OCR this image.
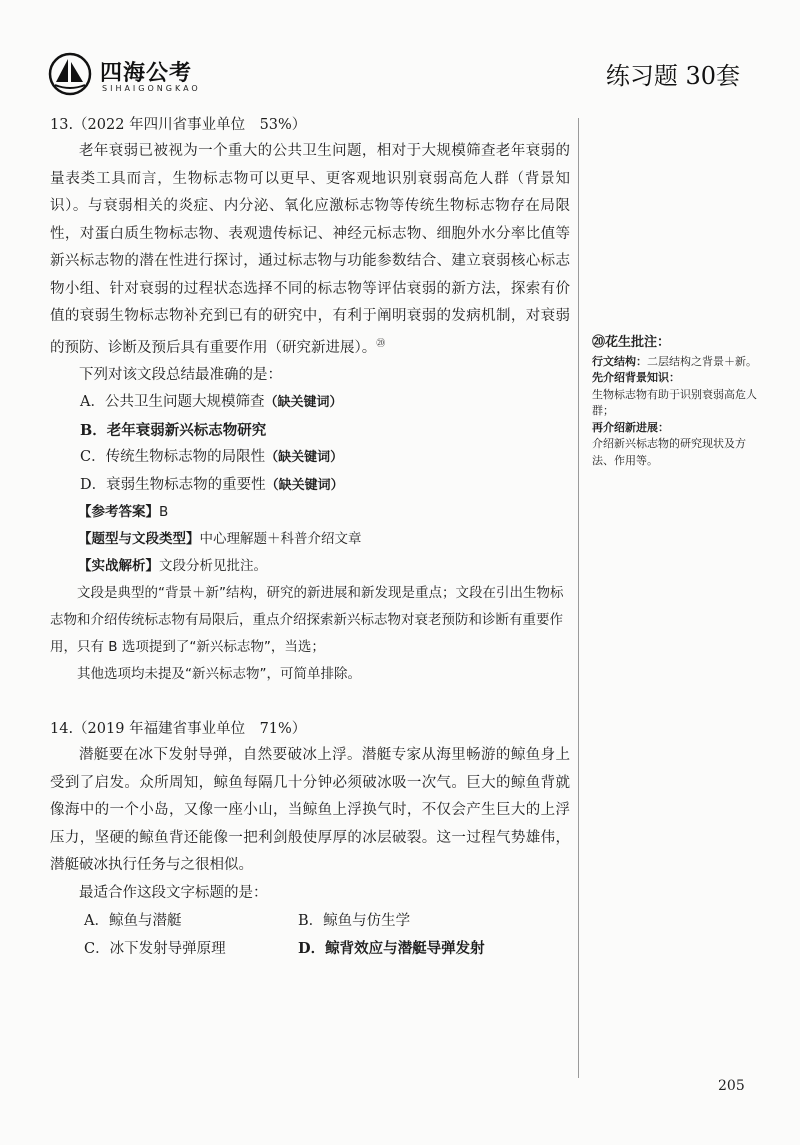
四海公考
SIHAIGONGKAO	练习题 30套

13.（2022 年四川省事业单位　53%）

老年衰弱已被视为一个重大的公共卫生问题，相对于大规模筛查老年衰弱的量表类工具而言，生物标志物可以更早、更客观地识别衰弱高危人群（背景知识）。与衰弱相关的炎症、内分泌、氧化应激标志物等传统生物标志物存在局限性，对蛋白质生物标志物、表观遗传标记、神经元标志物、细胞外水分率比值等新兴标志物的潜在性进行探讨，通过标志物与功能参数结合、建立衰弱核心标志物小组、针对衰弱的过程状态选择不同的标志物等评估衰弱的新方法，探索有价值的衰弱生物标志物补充到已有的研究中，有利于阐明衰弱的发病机制，对衰弱的预防、诊断及预后具有重要作用（研究新进展）。⑳

下列对该文段总结最准确的是：

A．公共卫生问题大规模筛查（缺关键词）

B．老年衰弱新兴标志物研究

C．传统生物标志物的局限性（缺关键词）

D．衰弱生物标志物的重要性（缺关键词）

【参考答案】B

【题型与文段类型】中心理解题＋科普介绍文章

【实战解析】文段分析见批注。

文段是典型的“背景＋新”结构，研究的新进展和新发现是重点；文段在引出生物标志物和介绍传统标志物有局限后，重点介绍探索新兴标志物对衰老预防和诊断有重要作用，只有 B 选项提到了“新兴标志物”，当选；

其他选项均未提及“新兴标志物”，可简单排除。

14.（2019 年福建省事业单位　71%）

潜艇要在冰下发射导弹，自然要破冰上浮。潜艇专家从海里畅游的鲸鱼身上受到了启发。众所周知，鲸鱼每隔几十分钟必须破冰吸一次气。巨大的鲸鱼背就像海中的一个小岛，又像一座小山，当鲸鱼上浮换气时，不仅会产生巨大的上浮压力，坚硬的鲸鱼背还能像一把利剑般使厚厚的冰层破裂。这一过程气势雄伟，潜艇破冰执行任务与之很相似。

最适合作这段文字标题的是：

A．鲸鱼与潜艇	B．鲸鱼与仿生学
C．冰下发射导弹原理	D．鲸背效应与潜艇导弹发射
⑳花生批注：
行文结构：二层结构之背景＋新。
先介绍背景知识：
生物标志物有助于识别衰弱高危人群；
再介绍新进展：
介绍新兴标志物的研究现状及方法、作用等。
205
